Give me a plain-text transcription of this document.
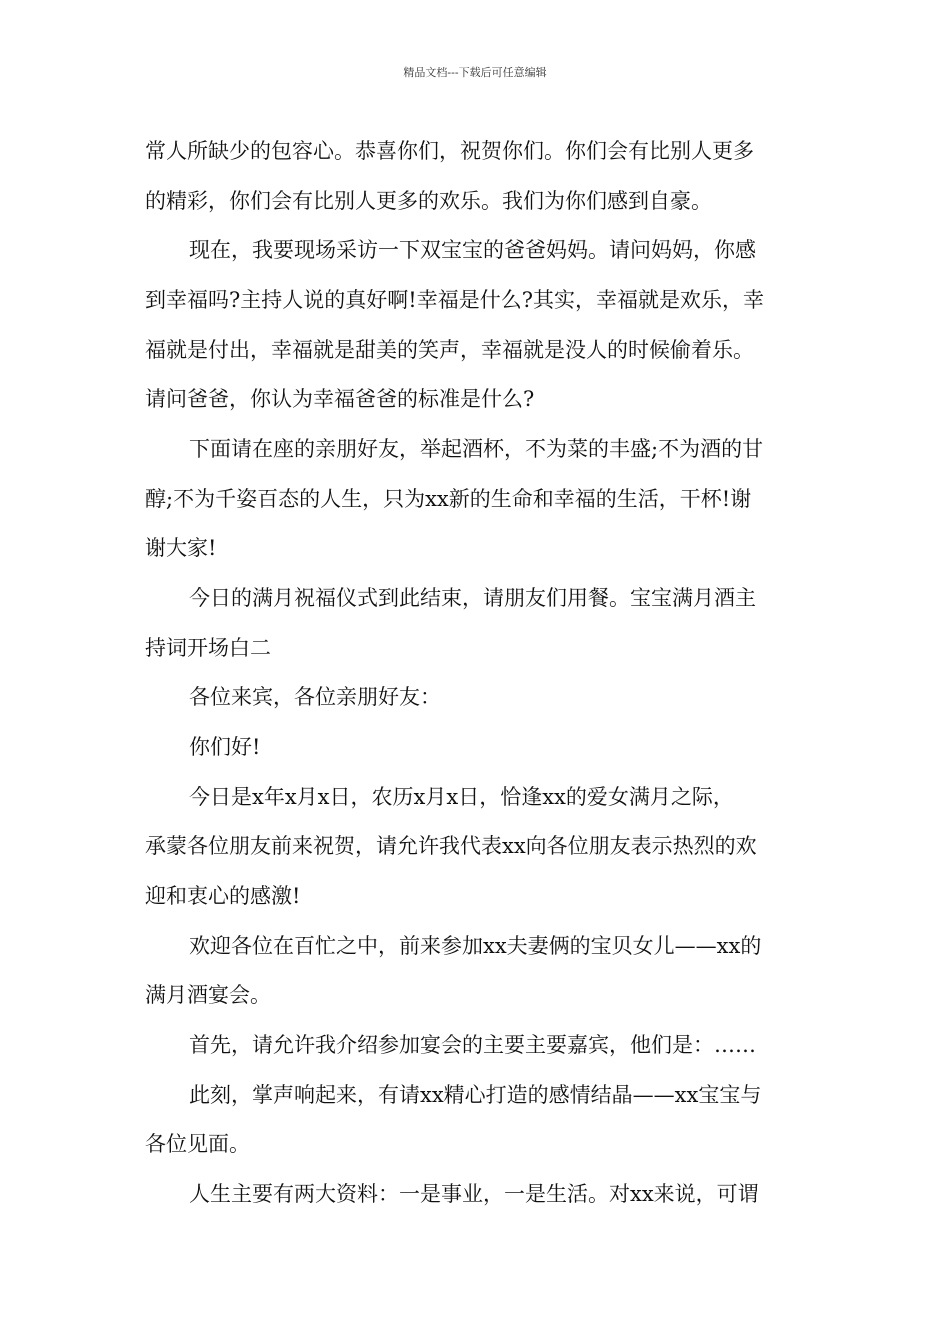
精品文档---下载后可任意编辑
常人所缺少的包容心。恭喜你们，祝贺你们。你们会有比别人更多
的精彩，你们会有比别人更多的欢乐。我们为你们感到自豪。
现在，我要现场采访一下双宝宝的爸爸妈妈。请问妈妈，你感
到幸福吗?主持人说的真好啊!幸福是什么?其实，幸福就是欢乐，幸
福就是付出，幸福就是甜美的笑声，幸福就是没人的时候偷着乐。
请问爸爸，你认为幸福爸爸的标准是什么?
下面请在座的亲朋好友，举起酒杯，不为菜的丰盛;不为酒的甘
醇;不为千姿百态的人生，只为xx新的生命和幸福的生活，干杯!谢
谢大家!
今日的满月祝福仪式到此结束，请朋友们用餐。宝宝满月酒主
持词开场白二
各位来宾，各位亲朋好友：
你们好!
今日是x年x月x日，农历x月x日，恰逢xx的爱女满月之际，
承蒙各位朋友前来祝贺，请允许我代表xx向各位朋友表示热烈的欢
迎和衷心的感激!
欢迎各位在百忙之中，前来参加xx夫妻俩的宝贝女儿——xx的
满月酒宴会。
首先，请允许我介绍参加宴会的主要主要嘉宾，他们是：……
此刻，掌声响起来，有请xx精心打造的感情结晶——xx宝宝与
各位见面。
人生主要有两大资料：一是事业，一是生活。对xx来说，可谓
